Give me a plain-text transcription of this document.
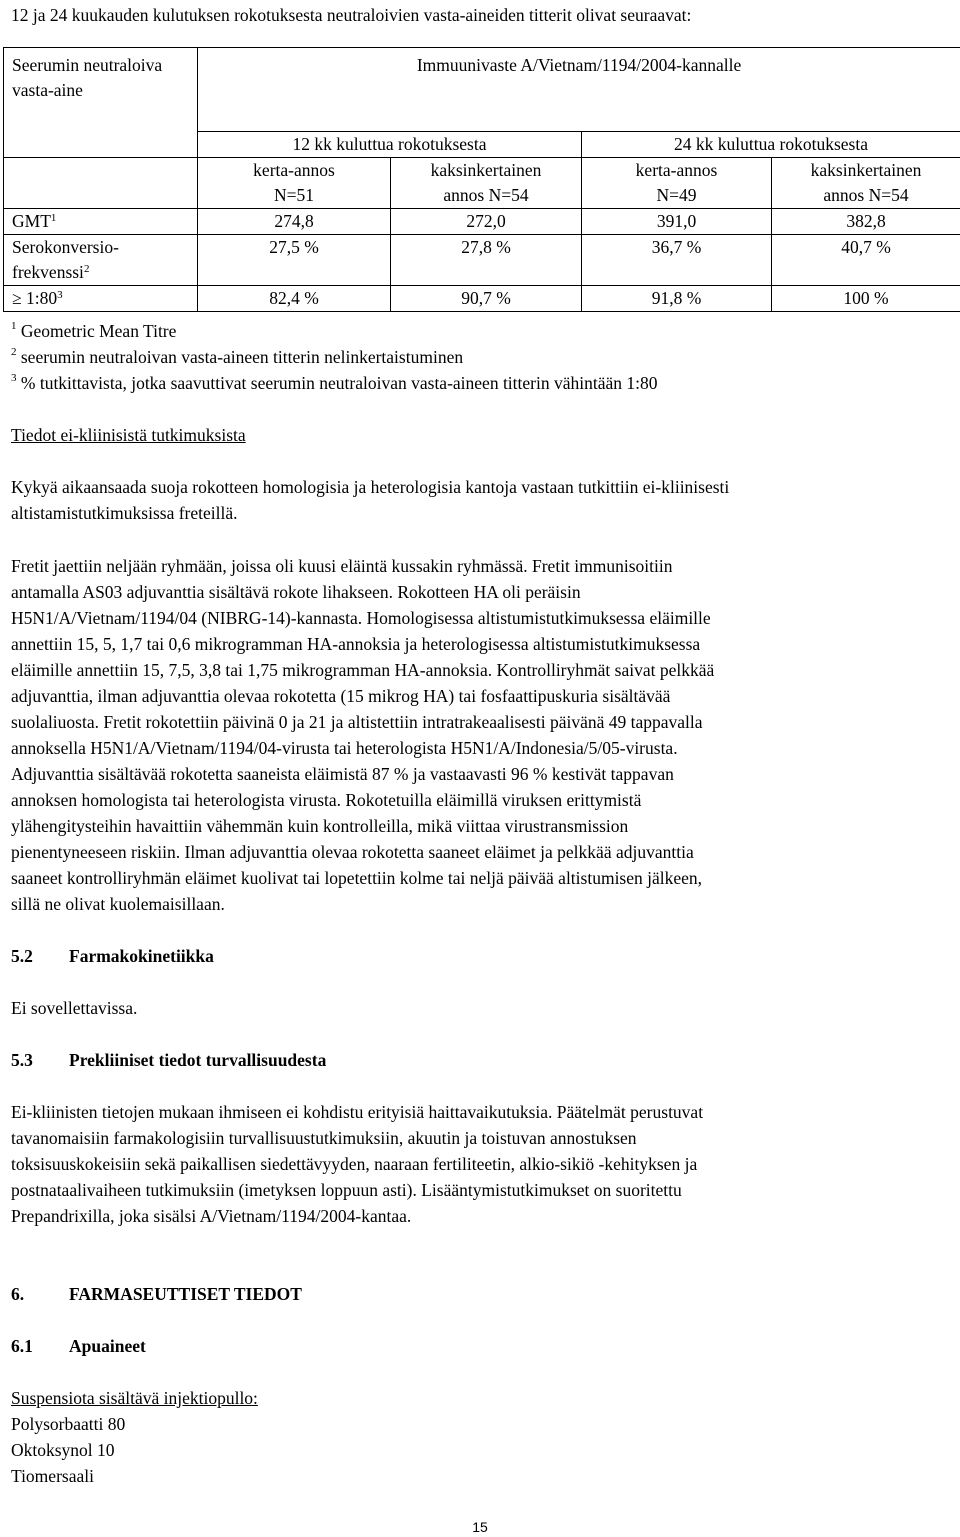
12 ja 24 kuukauden kulutuksen rokotuksesta neutraloivien vasta-aineiden titterit olivat seuraavat:
Seerumin neutraloiva vasta-aine	Immuunivaste A/Vietnam/1194/2004-kannalle			
	12 kk kuluttua rokotuksesta		24 kk kuluttua rokotuksesta	
	kerta-annos N=51	kaksinkertainen annos N=54	kerta-annos N=49	kaksinkertainen annos N=54
GMT$^1$	274,8	272,0	391,0	382,8
Serokonversio-frekvenssi$^2$	27,5 %	27,8 %	36,7 %	40,7 %
≥ $1:80^3$	82,4 %	90,7 %	91,8 %	100 %
$^1$ Geometric Mean Titre
$^2$ seerumin neutraloivan vasta-aineen titterin nelinkertaistuminen
$^3$ % tutkittavista, jotka saavuttivat seerumin neutraloivan vasta-aineen titterin vähintään 1:80
Tiedot ei-kliinisistä tutkimuksista
Kykyä aikaansaada suoja rokotteen homologisia ja heterologisia kantoja vastaan tutkittiin ei-kliinisesti
altistamistutkimuksissa freteillä.
Fretit jaettiin neljään ryhmään, joissa oli kuusi eläintä kussakin ryhmässä. Fretit immunisoitiin
antamalla AS03 adjuvanttia sisältävä rokote lihakseen. Rokotteen HA oli peräisin
H5N1/A/Vietnam/1194/04 (NIBRG-14)-kannasta. Homologisessa altistumistutkimuksessa eläimille
annettiin 15, 5, 1,7 tai 0,6 mikrogramman HA-annoksia ja heterologisessa altistumistutkimuksessa
eläimille annettiin 15, 7,5, 3,8 tai 1,75 mikrogramman HA-annoksia. Kontrolliryhmät saivat pelkkää
adjuvanttia, ilman adjuvanttia olevaa rokotetta (15 mikrog HA) tai fosfaattipuskuria sisältävää
suolaliuosta. Fretit rokotettiin päivinä 0 ja 21 ja altistettiin intratrakeaalisesti päivänä 49 tappavalla
annoksella H5N1/A/Vietnam/1194/04-virusta tai heterologista H5N1/A/Indonesia/5/05-virusta.
Adjuvanttia sisältävää rokotetta saaneista eläimistä 87 % ja vastaavasti 96 % kestivät tappavan
annoksen homologista tai heterologista virusta. Rokotetuilla eläimillä viruksen erittymistä
ylähengitysteihin havaittiin vähemmän kuin kontrolleilla, mikä viittaa virustransmission
pienentyneeseen riskiin. Ilman adjuvanttia olevaa rokotetta saaneet eläimet ja pelkkää adjuvanttia
saaneet kontrolliryhmän eläimet kuolivat tai lopetettiin kolme tai neljä päivää altistumisen jälkeen,
sillä ne olivat kuolemaisillaan.
5.2 Farmakokinetiikka
Ei sovellettavissa.
5.3 Prekliiniset tiedot turvallisuudesta
Ei-kliinisten tietojen mukaan ihmiseen ei kohdistu erityisiä haittavaikutuksia. Päätelmät perustuvat
tavanomaisiin farmakologisiin turvallisuustutkimuksiin, akuutin ja toistuvan annostuksen
toksisuuskokeisiin sekä paikallisen siedettävyyden, naaraan fertiliteetin, alkio-sikiö -kehityksen ja
postnataalivaiheen tutkimuksiin (imetyksen loppuun asti). Lisääntymistutkimukset on suoritettu
Prepandrixilla, joka sisälsi A/Vietnam/1194/2004-kantaa.
6.	FARMASEUTTISET TIEDOT
6.1 Apuaineet
Suspensiota sisältävä injektiopullo:
Polysorbaatti 80
Oktoksynol 10
Tiomersaali
15
